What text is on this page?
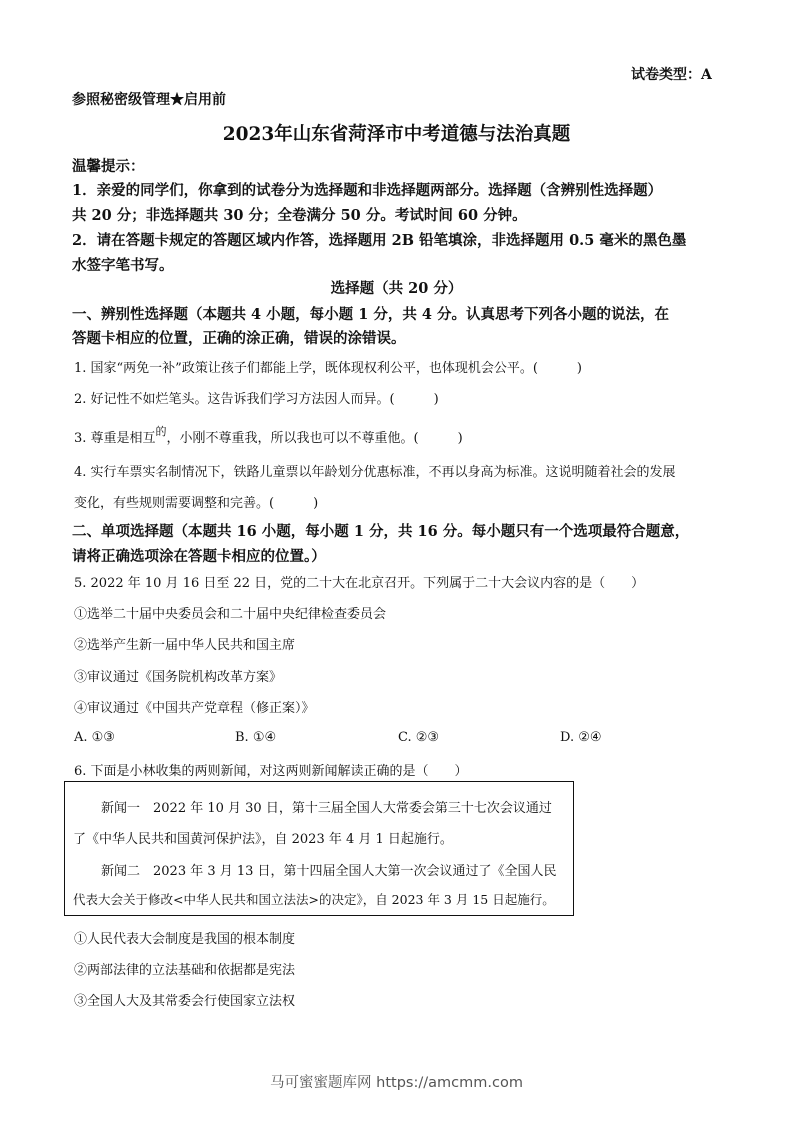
试卷类型：A
参照秘密级管理★启用前
2023年山东省菏泽市中考道德与法治真题
温馨提示：
1．亲爱的同学们，你拿到的试卷分为选择题和非选择题两部分。选择题（含辨别性选择题）
共 20 分；非选择题共 30 分；全卷满分 50 分。考试时间 60 分钟。
2．请在答题卡规定的答题区域内作答，选择题用 2B 铅笔填涂，非选择题用 0.5 毫米的黑色墨
水签字笔书写。
选择题（共 20 分）
一、辨别性选择题（本题共 4 小题，每小题 1 分，共 4 分。认真思考下列各小题的说法，在
答题卡相应的位置，正确的涂正确，错误的涂错误。
1. 国家“两免一补”政策让孩子们都能上学，既体现权利公平，也体现机会公平。(　　　)
2. 好记性不如烂笔头。这告诉我们学习方法因人而异。(　　　)
3. 尊重是相互$^的$，小刚不尊重我，所以我也可以不尊重他。(　　　)
4. 实行车票实名制情况下，铁路儿童票以年龄划分优惠标准，不再以身高为标准。这说明随着社会的发展
变化，有些规则需要调整和完善。(　　　)
二、单项选择题（本题共 16 小题，每小题 1 分，共 16 分。每小题只有一个选项最符合题意，
请将正确选项涂在答题卡相应的位置。）
5. 2022 年 10 月 16 日至 22 日，党的二十大在北京召开。下列属于二十大会议内容的是（　　）
①选举二十届中央委员会和二十届中央纪律检查委员会
②选举产生新一届中华人民共和国主席
③审议通过《国务院机构改革方案》
④审议通过《中国共产党章程（修正案）》
A. ①③	B. ①④	C. ②③	D. ②④
6. 下面是小林收集的两则新闻，对这两则新闻解读正确的是（　　）
新闻一　2022 年 10 月 30 日，第十三届全国人大常委会第三十七次会议通过
了《中华人民共和国黄河保护法》，自 2023 年 4 月 1 日起施行。
新闻二　2023 年 3 月 13 日，第十四届全国人大第一次会议通过了《全国人民
代表大会关于修改<中华人民共和国立法法>的决定》，自 2023 年 3 月 15 日起施行。
①人民代表大会制度是我国的根本制度
②两部法律的立法基础和依据都是宪法
③全国人大及其常委会行使国家立法权
马可蜜蜜题库网 https://amcmm.com
